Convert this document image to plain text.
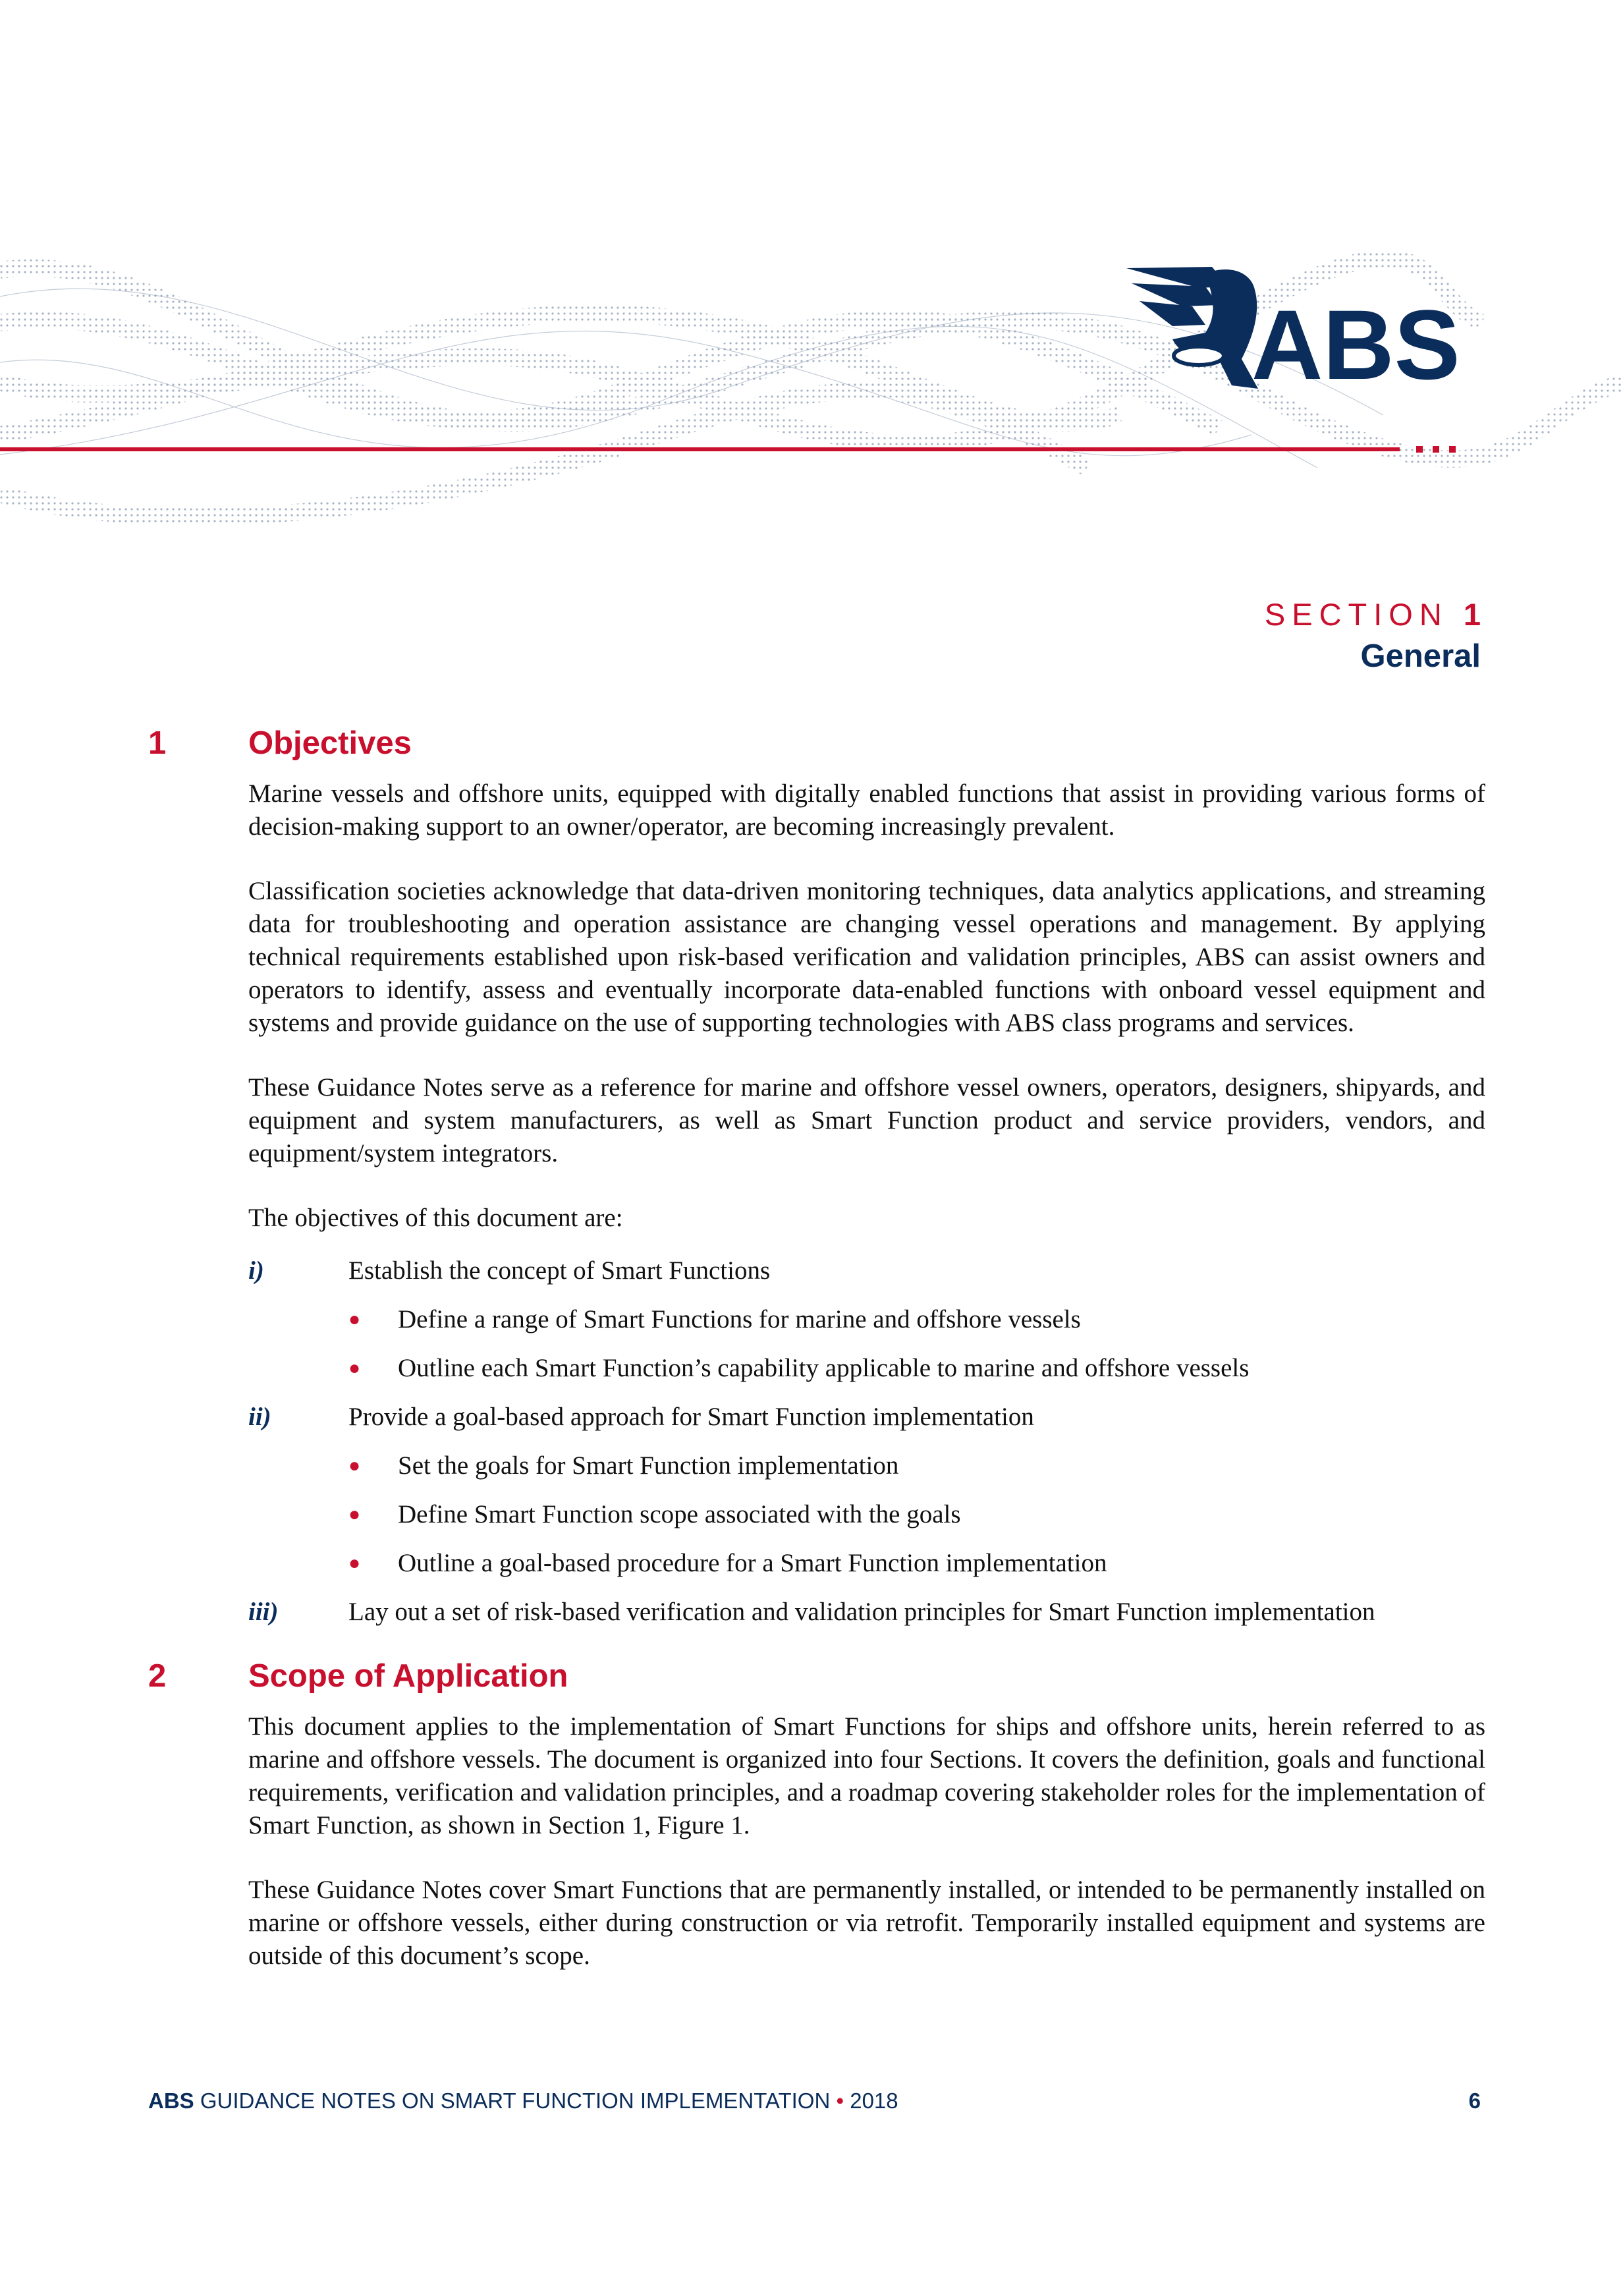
ABS
SECTION 1
General
1	Objectives

Marine vessels and offshore units, equipped with digitally enabled functions that assist in providing various forms of decision-making support to an owner/operator, are becoming increasingly prevalent.

Classification societies acknowledge that data-driven monitoring techniques, data analytics applications, and streaming data for troubleshooting and operation assistance are changing vessel operations and management. By applying technical requirements established upon risk-based verification and validation principles, ABS can assist owners and operators to identify, assess and eventually incorporate data-enabled functions with onboard vessel equipment and systems and provide guidance on the use of supporting technologies with ABS class programs and services.

These Guidance Notes serve as a reference for marine and offshore vessel owners, operators, designers, shipyards, and equipment and system manufacturers, as well as Smart Function product and service providers, vendors, and equipment/system integrators.

The objectives of this document are:

i)	Establish the concept of Smart Functions
●	Define a range of Smart Functions for marine and offshore vessels
●	Outline each Smart Function’s capability applicable to marine and offshore vessels
ii)	Provide a goal-based approach for Smart Function implementation
●	Set the goals for Smart Function implementation
●	Define Smart Function scope associated with the goals
●	Outline a goal-based procedure for a Smart Function implementation
iii)	Lay out a set of risk-based verification and validation principles for Smart Function implementation
2	Scope of Application

This document applies to the implementation of Smart Functions for ships and offshore units, herein referred to as marine and offshore vessels. The document is organized into four Sections. It covers the definition, goals and functional requirements, verification and validation principles, and a roadmap covering stakeholder roles for the implementation of Smart Function, as shown in Section 1, Figure 1.

These Guidance Notes cover Smart Functions that are permanently installed, or intended to be permanently installed on marine or offshore vessels, either during construction or via retrofit. Temporarily installed equipment and systems are outside of this document’s scope.

ABS GUIDANCE NOTES ON SMART FUNCTION IMPLEMENTATION • 2018	6
